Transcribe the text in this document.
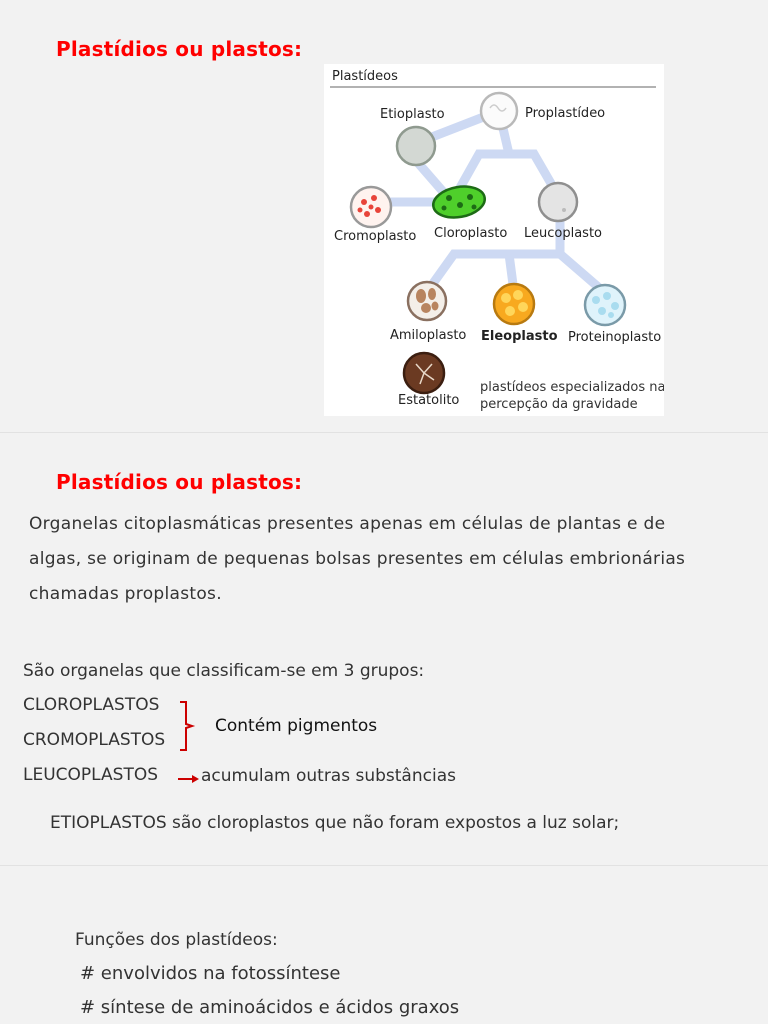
Plastídios ou plastos:
Plastídeos
Proplastídeo
Etioplasto
Cromoplasto Cloroplasto Leucoplasto
Amiloplasto Eleoplasto Proteinoplasto
Estatolito
plastídeos especializados na
percepção da gravidade
Plastídios ou plastos:
Organelas citoplasmáticas presentes apenas em células de plantas e de algas, se originam de pequenas bolsas presentes em células embrionárias chamadas proplastos.
São organelas que classificam-se em 3 grupos:
CLOROPLASTOS
CROMOPLASTOS
Contém pigmentos
LEUCOPLASTOS	acumulam outras substâncias
ETIOPLASTOS são cloroplastos que não foram expostos a luz solar;
Funções dos plastídeos:
# envolvidos na fotossíntese
# síntese de aminoácidos e ácidos graxos
